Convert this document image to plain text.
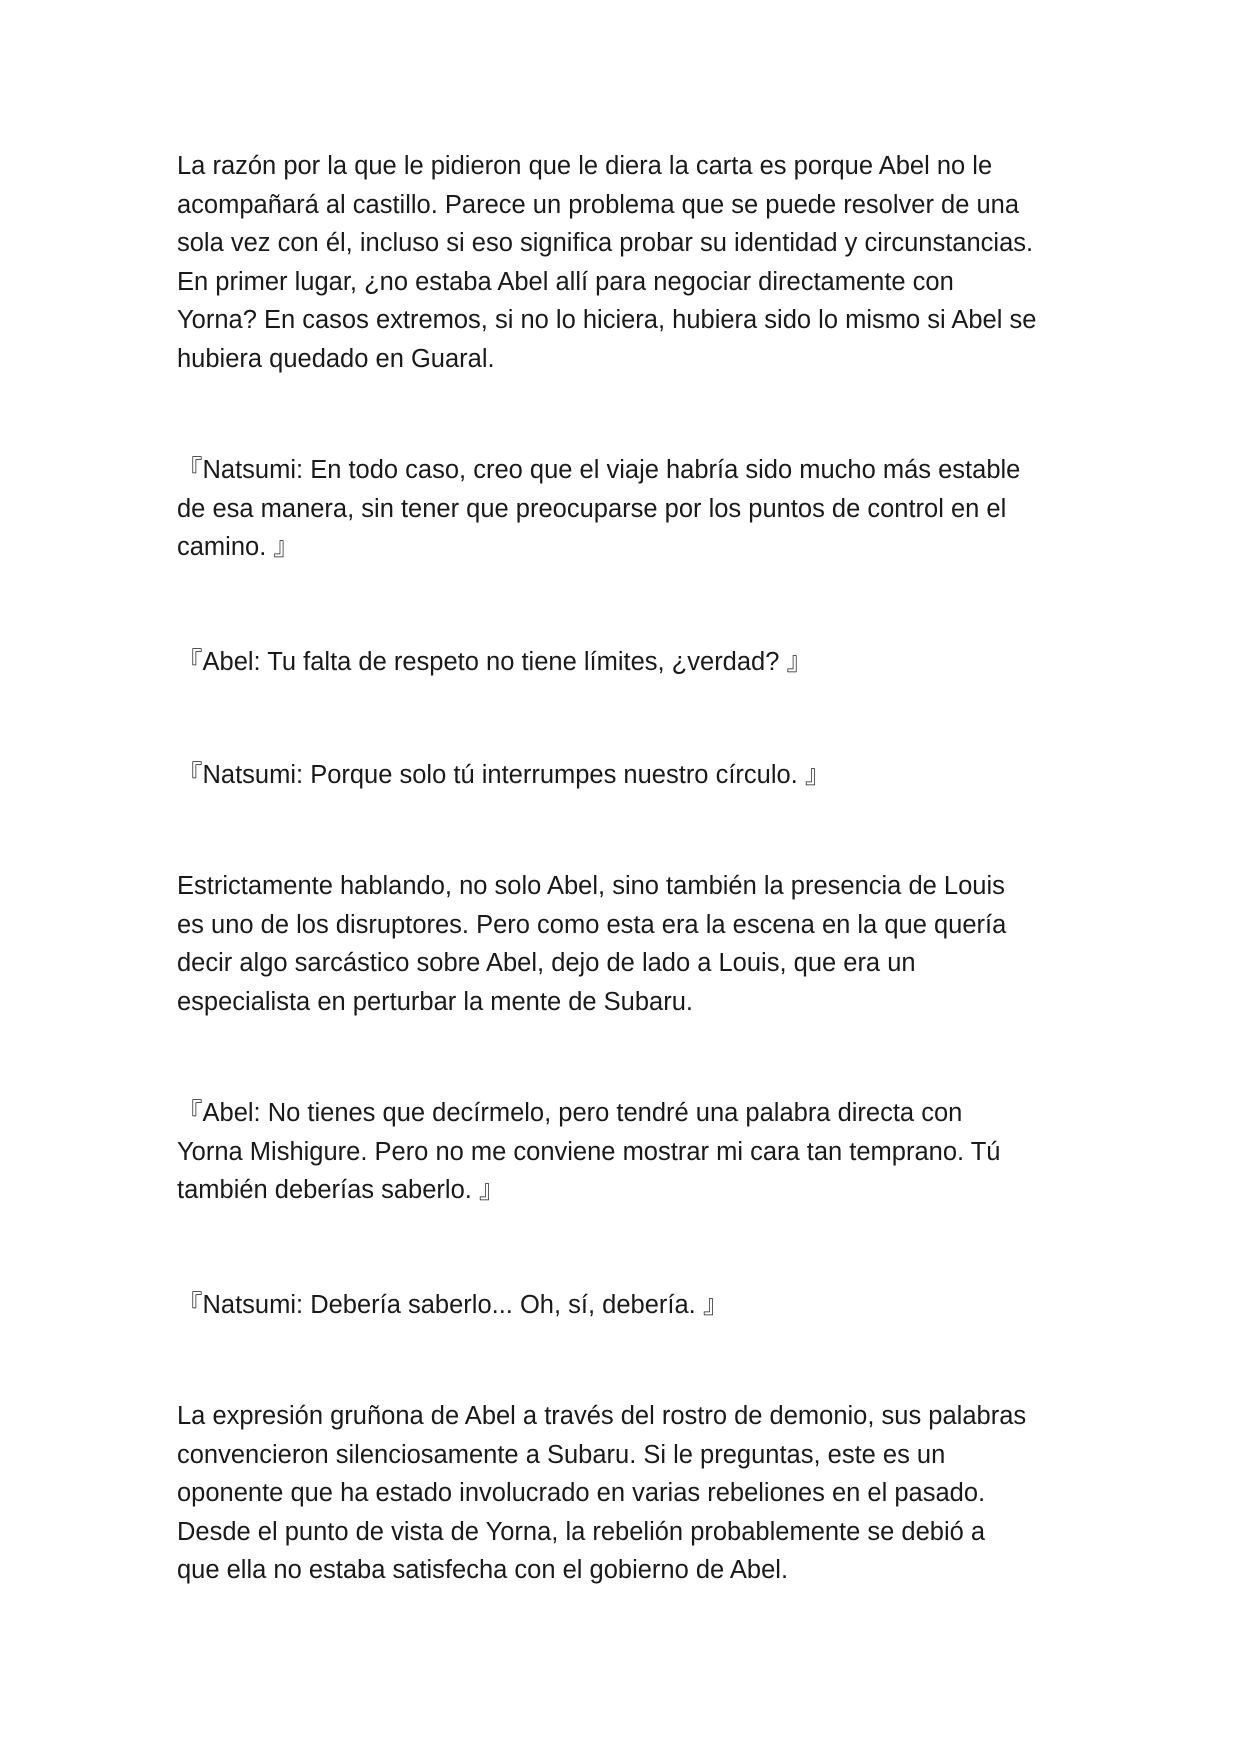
La razón por la que le pidieron que le diera la carta es porque Abel no le
acompañará al castillo. Parece un problema que se puede resolver de una
sola vez con él, incluso si eso significa probar su identidad y circunstancias.
En primer lugar, ¿no estaba Abel allí para negociar directamente con
Yorna? En casos extremos, si no lo hiciera, hubiera sido lo mismo si Abel se
hubiera quedado en Guaral.

『Natsumi: En todo caso, creo que el viaje habría sido mucho más estable
de esa manera, sin tener que preocuparse por los puntos de control en el
camino. 』

『Abel: Tu falta de respeto no tiene límites, ¿verdad? 』

『Natsumi: Porque solo tú interrumpes nuestro círculo. 』

Estrictamente hablando, no solo Abel, sino también la presencia de Louis
es uno de los disruptores. Pero como esta era la escena en la que quería
decir algo sarcástico sobre Abel, dejo de lado a Louis, que era un
especialista en perturbar la mente de Subaru.

『Abel: No tienes que decírmelo, pero tendré una palabra directa con
Yorna Mishigure. Pero no me conviene mostrar mi cara tan temprano. Tú
también deberías saberlo. 』

『Natsumi: Debería saberlo... Oh, sí, debería. 』

La expresión gruñona de Abel a través del rostro de demonio, sus palabras
convencieron silenciosamente a Subaru. Si le preguntas, este es un
oponente que ha estado involucrado en varias rebeliones en el pasado.
Desde el punto de vista de Yorna, la rebelión probablemente se debió a
que ella no estaba satisfecha con el gobierno de Abel.
